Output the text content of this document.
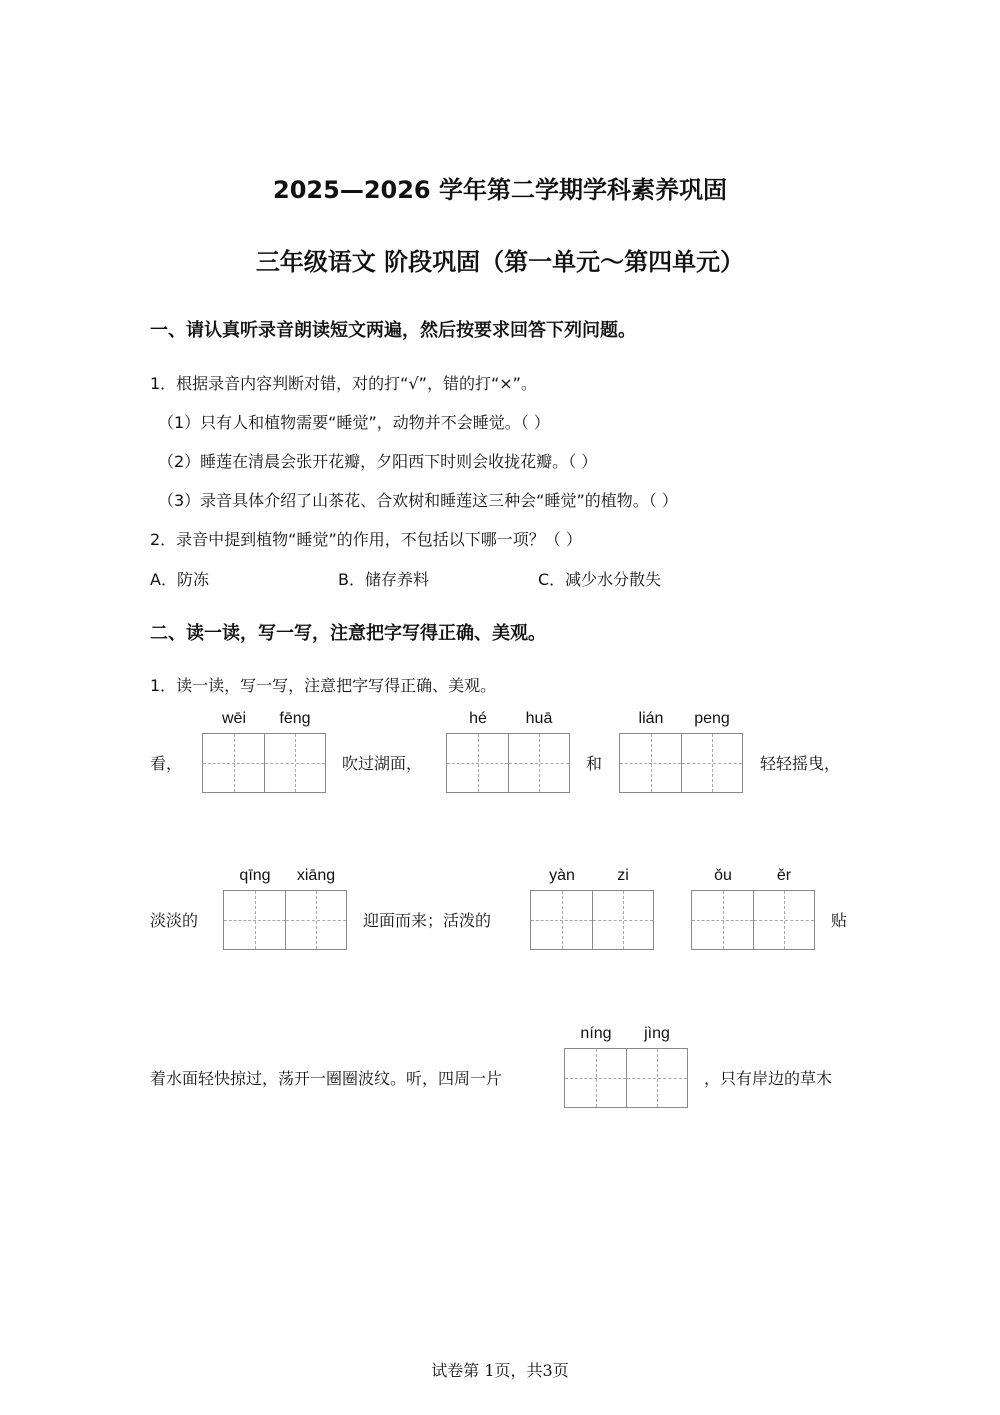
2025—2026 学年第二学期学科素养巩固
三年级语文 阶段巩固（第一单元～第四单元）
一、请认真听录音朗读短文两遍，然后按要求回答下列问题。
1．根据录音内容判断对错，对的打“√”，错的打“×”。
（1）只有人和植物需要“睡觉”，动物并不会睡觉。（ ）
（2）睡莲在清晨会张开花瓣，夕阳西下时则会收拢花瓣。（ ）
（3）录音具体介绍了山茶花、合欢树和睡莲这三种会“睡觉”的植物。（ ）
2．录音中提到植物“睡觉”的作用，不包括以下哪一项？（ ）
A．防冻	B．储存养料	C．减少水分散失
二、读一读，写一写，注意把字写得正确、美观。
1．读一读，写一写，注意把字写得正确、美观。
看，
wēi	fēng
吹过湖面，
hé	huā
和
lián	peng
轻轻摇曳，
淡淡的
qīng	xiāng
迎面而来；活泼的
yàn	zi	ǒu	ěr
贴
着水面轻快掠过，荡开一圈圈波纹。听，四周一片
níng	jìng
，只有岸边的草木
试卷第 1页，共3页
